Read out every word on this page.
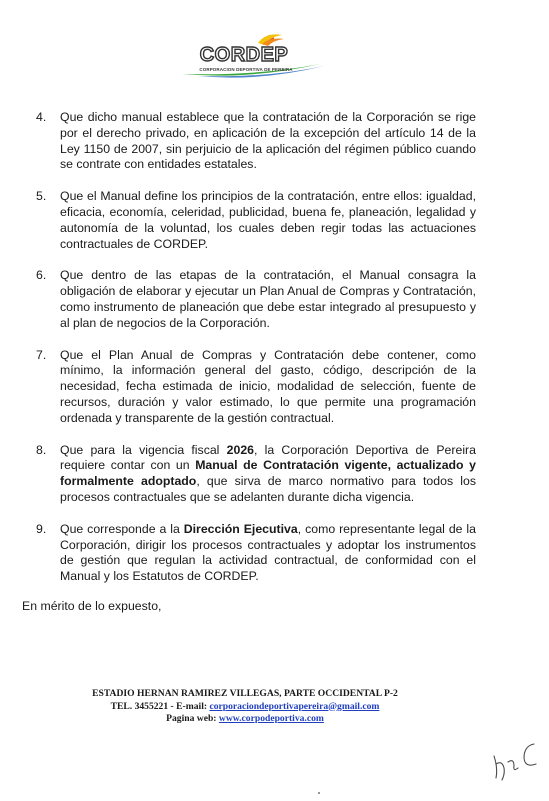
CORDEP
CORPORACION DEPORTIVA DE PEREIRA
4.	Que dicho manual establece que la contratación de la Corporación se rige por el derecho privado, en aplicación de la excepción del artículo 14 de la Ley 1150 de 2007, sin perjuicio de la aplicación del régimen público cuando se contrate con entidades estatales.
5.	Que el Manual define los principios de la contratación, entre ellos: igualdad, eficacia, economía, celeridad, publicidad, buena fe, planeación, legalidad y autonomía de la voluntad, los cuales deben regir todas las actuaciones contractuales de CORDEP.
6.	Que dentro de las etapas de la contratación, el Manual consagra la obligación de elaborar y ejecutar un Plan Anual de Compras y Contratación, como instrumento de planeación que debe estar integrado al presupuesto y al plan de negocios de la Corporación.
7.	Que el Plan Anual de Compras y Contratación debe contener, como mínimo, la información general del gasto, código, descripción de la necesidad, fecha estimada de inicio, modalidad de selección, fuente de recursos, duración y valor estimado, lo que permite una programación ordenada y transparente de la gestión contractual.
8.	Que para la vigencia fiscal 2026, la Corporación Deportiva de Pereira requiere contar con un Manual de Contratación vigente, actualizado y formalmente adoptado, que sirva de marco normativo para todos los procesos contractuales que se adelanten durante dicha vigencia.
9.	Que corresponde a la Dirección Ejecutiva, como representante legal de la Corporación, dirigir los procesos contractuales y adoptar los instrumentos de gestión que regulan la actividad contractual, de conformidad con el Manual y los Estatutos de CORDEP.
En mérito de lo expuesto,
ESTADIO HERNAN RAMIREZ VILLEGAS, PARTE OCCIDENTAL P-2
TEL. 3455221 - E-mail: corporaciondeportivapereira@gmail.com
Pagina web: www.corpodeportiva.com
